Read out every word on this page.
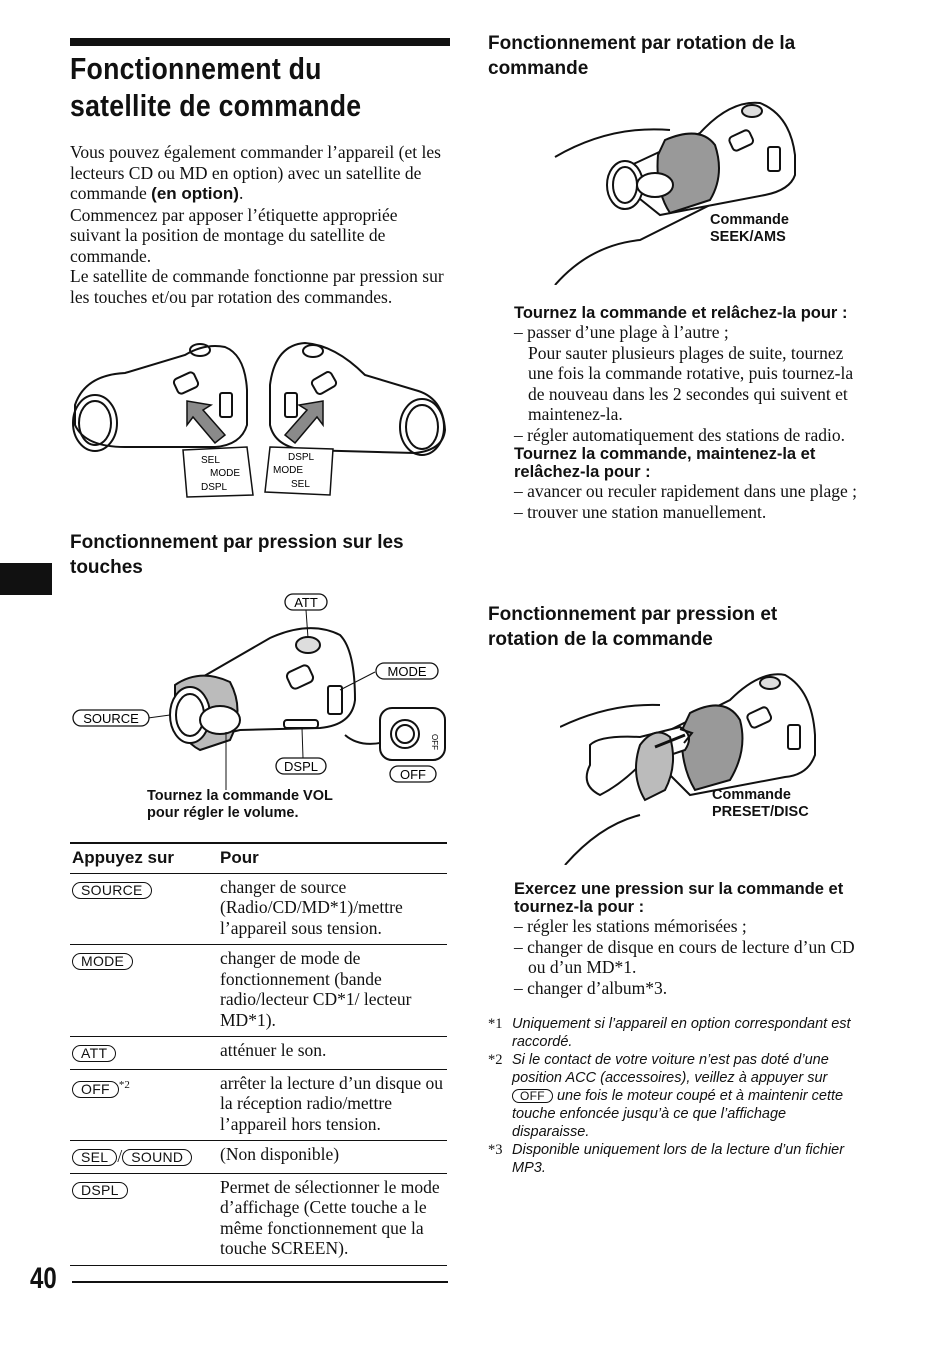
Fonctionnement du satellite de commande
Vous pouvez également commander l’appareil (et les lecteurs CD ou MD en option) avec un satellite de commande (en option).
Commencez par apposer l’étiquette appropriée suivant la position de montage du satellite de commande.
Le satellite de commande fonctionne par pression sur les touches et/ou par rotation des commandes.
SEL
MODE
DSPL
DSPL
MODE
SEL
Fonctionnement par pression sur les touches
OFF
ATT
MODE
SOURCE
DSPL
OFF
Tournez la commande VOL pour régler le volume.
Appuyez sur	Pour
SOURCE	changer de source (Radio/CD/MD*1)/mettre l’appareil sous tension.
MODE	changer de mode de fonctionnement (bande radio/lecteur CD*1/ lecteur MD*1).
ATT	atténuer le son.
OFF $^{*2}$	arrêter la lecture d’un disque ou la réception radio/mettre l’appareil hors tension.
SEL / SOUND	(Non disponible)
DSPL	Permet de sélectionner le mode d’affichage (Cette touche a le même fonctionnement que la touche SCREEN).
40
Fonctionnement par rotation de la commande
Commande
SEEK/AMS
Tournez la commande et relâchez-la pour :
– passer d’une plage à l’autre ;
Pour sauter plusieurs plages de suite, tournez une fois la commande rotative, puis tournez-la de nouveau dans les 2 secondes qui suivent et maintenez-la.
– régler automatiquement des stations de radio.
Tournez la commande, maintenez-la et relâchez-la pour :
– avancer ou reculer rapidement dans une plage ;
– trouver une station manuellement.
Fonctionnement par pression et rotation de la commande
Commande
PRESET/DISC
Exercez une pression sur la commande et tournez-la pour :
– régler les stations mémorisées ;
– changer de disque en cours de lecture d’un CD ou d’un MD*1.
– changer d’album*3.
*1 Uniquement si l’appareil en option correspondant est raccordé.
*2 Si le contact de votre voiture n’est pas doté d’une position ACC (accessoires), veillez à appuyer sur OFF une fois le moteur coupé et à maintenir cette touche enfoncée jusqu’à ce que l’affichage disparaisse.
*3 Disponible uniquement lors de la lecture d’un fichier MP3.
